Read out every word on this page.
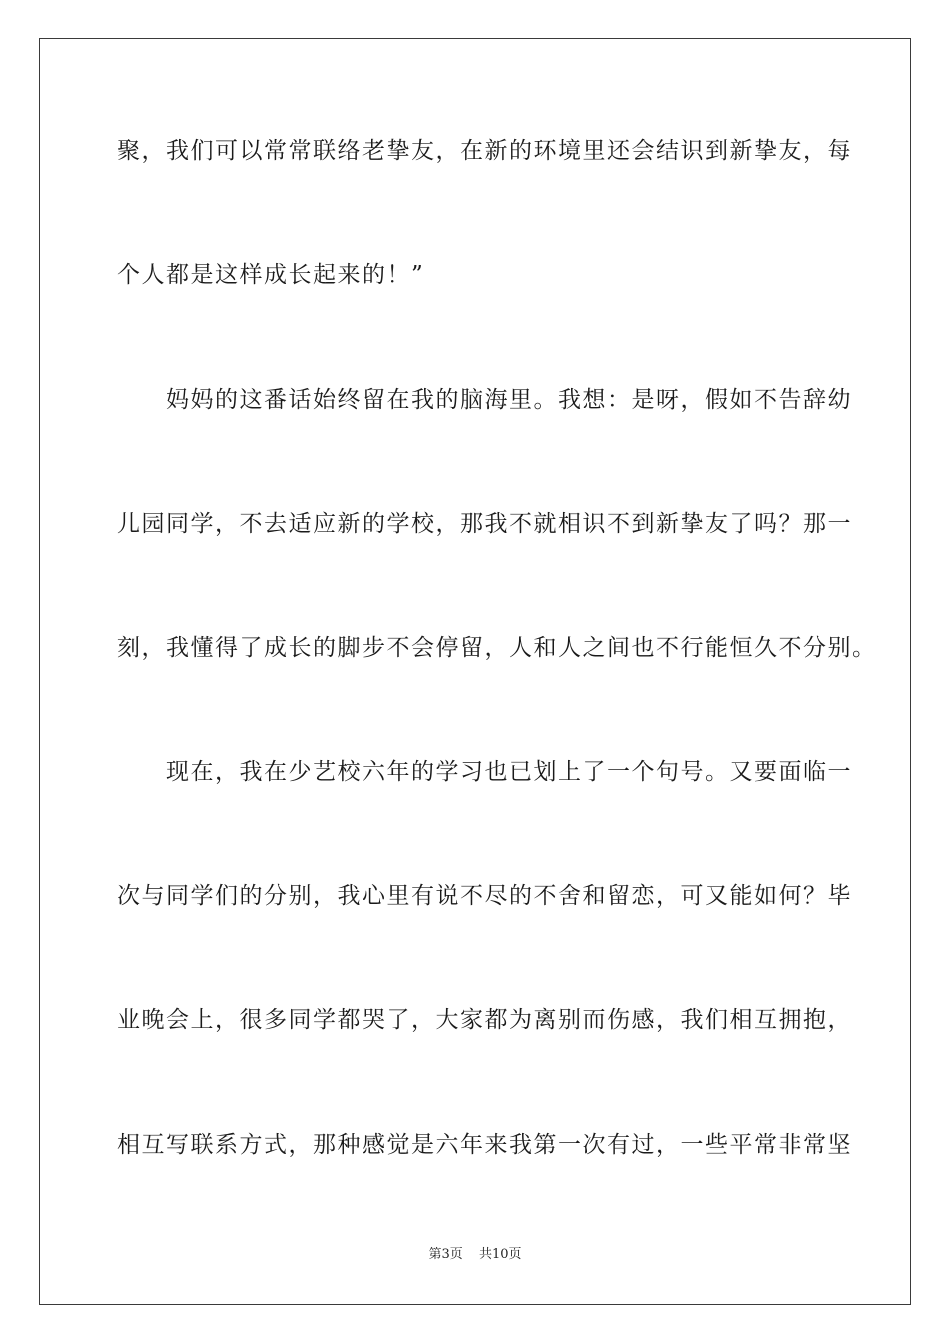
聚，我们可以常常联络老挚友，在新的环境里还会结识到新挚友，每
个人都是这样成长起来的！”
　　妈妈的这番话始终留在我的脑海里。我想：是呀，假如不告辞幼
儿园同学，不去适应新的学校，那我不就相识不到新挚友了吗？那一
刻，我懂得了成长的脚步不会停留，人和人之间也不行能恒久不分别。
　　现在，我在少艺校六年的学习也已划上了一个句号。又要面临一
次与同学们的分别，我心里有说不尽的不舍和留恋，可又能如何？毕
业晚会上，很多同学都哭了，大家都为离别而伤感，我们相互拥抱，
相互写联系方式，那种感觉是六年来我第一次有过，一些平常非常坚
第3页 共10页
